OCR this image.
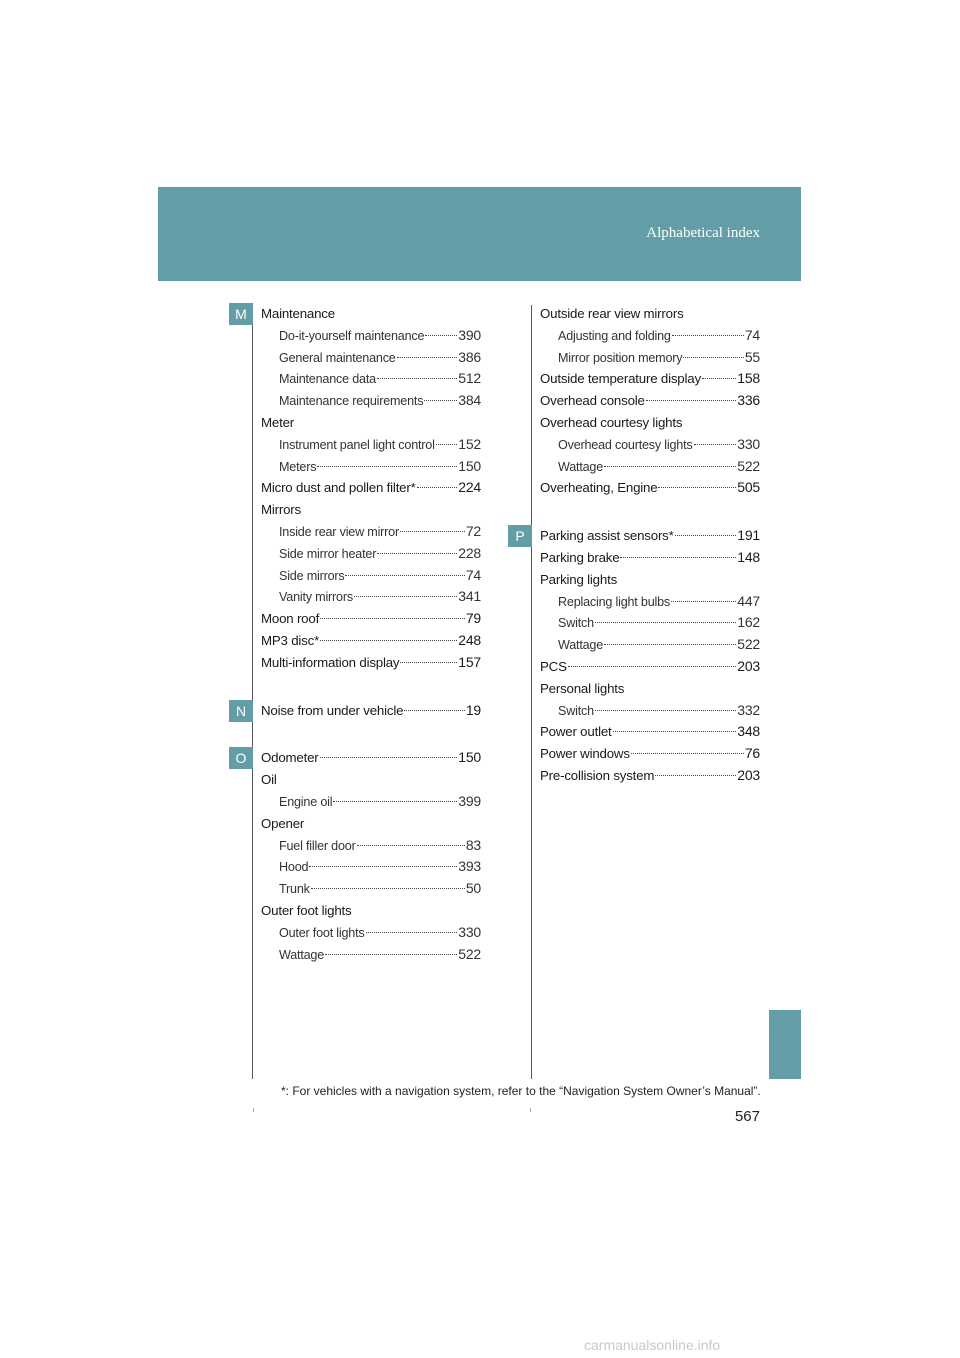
Alphabetical index
M	Maintenance
Do-it-yourself maintenance 390
General maintenance	386
Maintenance data	512
Maintenance requirements 384
Meter
Instrument panel light control 152
Meters	150
Micro dust and pollen filter*	224
Mirrors
Inside rear view mirror	72
Side mirror heater	228
Side mirrors	74
Vanity mirrors	341
Moon roof	79
MP3 disc*	248
Multi-information display	157
N	Noise from under vehicle	19
O	Odometer	150
Oil
Engine oil	399
Opener
Fuel filler door	83
Hood	393
Trunk	50
Outer foot lights
Outer foot lights	330
Wattage	522
Outside rear view mirrors
Adjusting and folding	74
Mirror position memory	55
Outside temperature display	158
Overhead console	336
Overhead courtesy lights
Overhead courtesy lights	330
Wattage	522
Overheating, Engine	505
P	Parking assist sensors*	191
Parking brake	148
Parking lights
Replacing light bulbs	447
Switch	162
Wattage	522
PCS	203
Personal lights
Switch	332
Power outlet	348
Power windows	76
Pre-collision system	203
*: For vehicles with a navigation system, refer to the “Navigation System Owner’s Manual”.
567
carmanualsonline.info
